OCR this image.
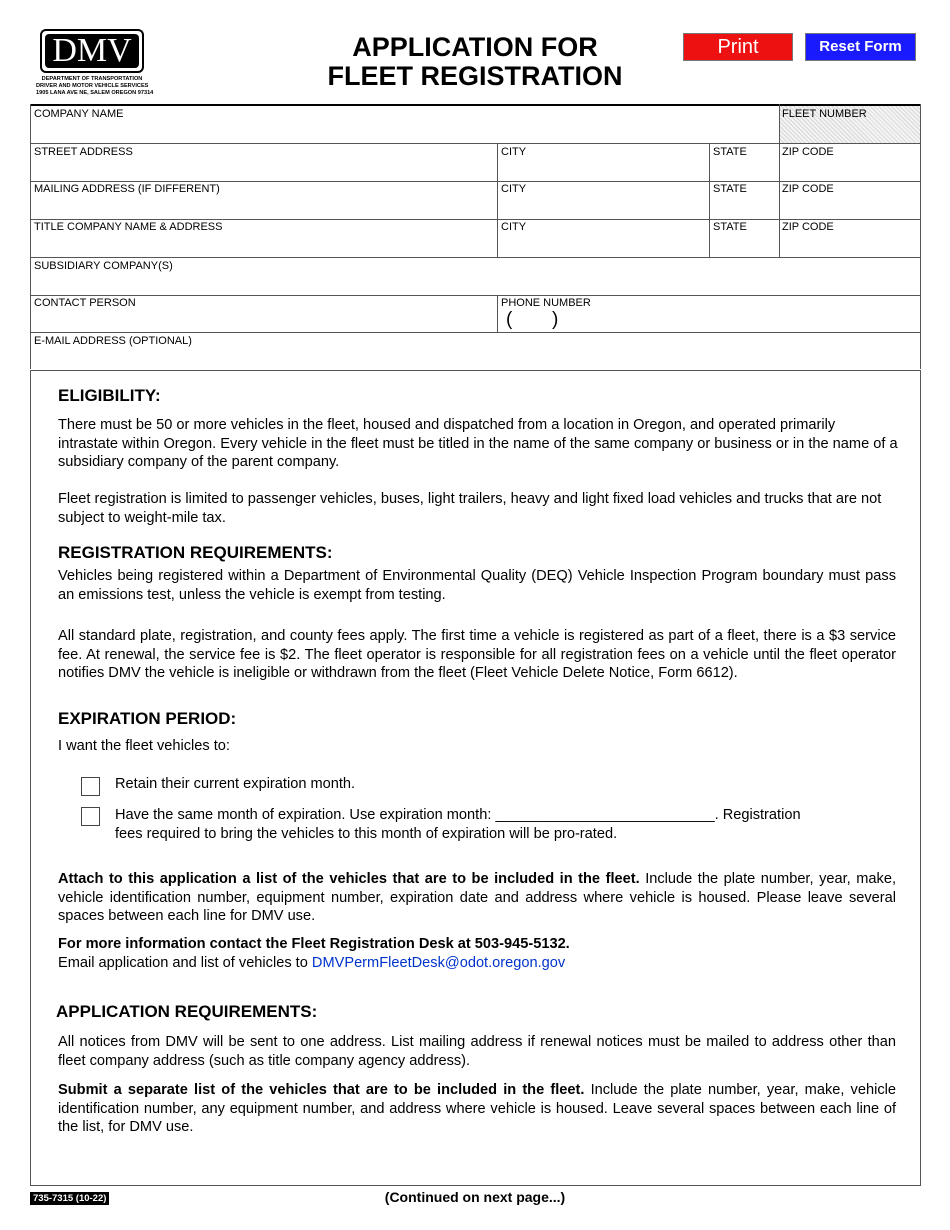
DMV
DEPARTMENT OF TRANSPORTATION
DRIVER AND MOTOR VEHICLE SERVICES
1905 LANA AVE NE, SALEM OREGON 97314
APPLICATION FOR
FLEET REGISTRATION
Print	Reset Form
COMPANY NAME	FLEET NUMBER
STREET ADDRESS	CITY	STATE	ZIP CODE
MAILING ADDRESS (IF DIFFERENT)	CITY	STATE	ZIP CODE
TITLE COMPANY NAME & ADDRESS	CITY	STATE	ZIP CODE
SUBSIDIARY COMPANY(S)
CONTACT PERSON	PHONE NUMBER
( )
E-MAIL ADDRESS (OPTIONAL)
ELIGIBILITY:
There must be 50 or more vehicles in the fleet, housed and dispatched from a location in Oregon, and operated primarily intrastate within Oregon. Every vehicle in the fleet must be titled in the name of the same company or business or in the name of a subsidiary company of the parent company.
Fleet registration is limited to passenger vehicles, buses, light trailers, heavy and light fixed load vehicles and trucks that are not subject to weight-mile tax.
REGISTRATION REQUIREMENTS:
Vehicles being registered within a Department of Environmental Quality (DEQ) Vehicle Inspection Program boundary must pass an emissions test, unless the vehicle is exempt from testing.
All standard plate, registration, and county fees apply. The first time a vehicle is registered as part of a fleet, there is a $3 service fee. At renewal, the service fee is $2. The fleet operator is responsible for all registration fees on a vehicle until the fleet operator notifies DMV the vehicle is ineligible or withdrawn from the fleet (Fleet Vehicle Delete Notice, Form 6612).
EXPIRATION PERIOD:
I want the fleet vehicles to:
Retain their current expiration month.
Have the same month of expiration. Use expiration month: ___________________________. Registration
fees required to bring the vehicles to this month of expiration will be pro-rated.
Attach to this application a list of the vehicles that are to be included in the fleet. Include the plate number, year, make, vehicle identification number, equipment number, expiration date and address where vehicle is housed. Please leave several spaces between each line for DMV use.
For more information contact the Fleet Registration Desk at 503-945-5132.
Email application and list of vehicles to DMVPermFleetDesk@odot.oregon.gov
APPLICATION REQUIREMENTS:
All notices from DMV will be sent to one address. List mailing address if renewal notices must be mailed to address other than fleet company address (such as title company agency address).
Submit a separate list of the vehicles that are to be included in the fleet. Include the plate number, year, make, vehicle identification number, any equipment number, and address where vehicle is housed. Leave several spaces between each line of the list, for DMV use.
735-7315 (10-22)	(Continued on next page...)
